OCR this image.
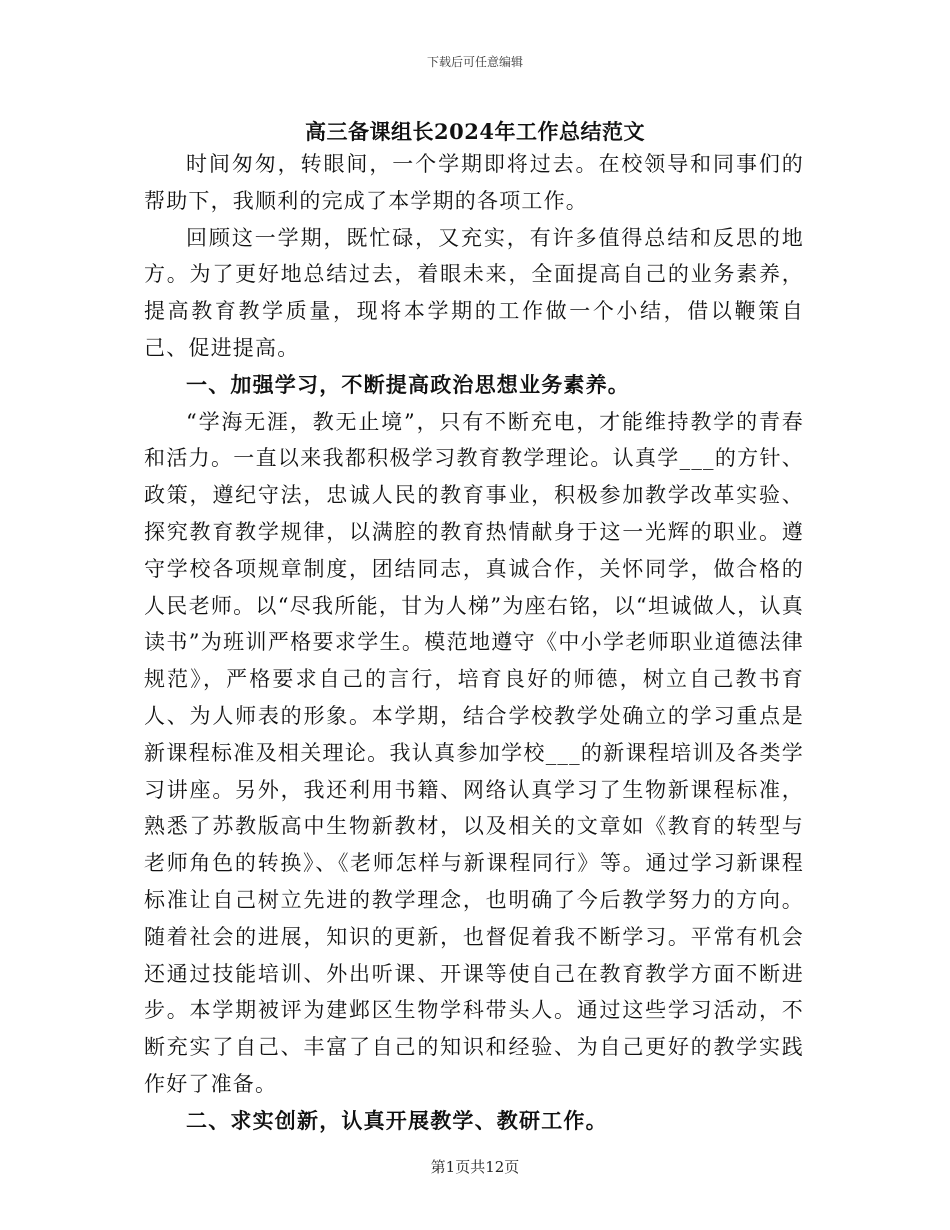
下载后可任意编辑
高三备课组长2024年工作总结范文

时间匆匆，转眼间，一个学期即将过去。在校领导和同事们的帮助下，我顺利的完成了本学期的各项工作。

回顾这一学期，既忙碌，又充实，有许多值得总结和反思的地方。为了更好地总结过去，着眼未来，全面提高自己的业务素养，提高教育教学质量，现将本学期的工作做一个小结，借以鞭策自己、促进提高。

一、加强学习，不断提高政治思想业务素养。

“学海无涯，教无止境”，只有不断充电，才能维持教学的青春和活力。一直以来我都积极学习教育教学理论。认真学___的方针、政策，遵纪守法，忠诚人民的教育事业，积极参加教学改革实验、探究教育教学规律，以满腔的教育热情献身于这一光辉的职业。遵守学校各项规章制度，团结同志，真诚合作，关怀同学，做合格的人民老师。以“尽我所能，甘为人梯”为座右铭，以“坦诚做人，认真读书”为班训严格要求学生。模范地遵守《中小学老师职业道德法律规范》，严格要求自己的言行，培育良好的师德，树立自己教书育人、为人师表的形象。本学期，结合学校教学处确立的学习重点是新课程标准及相关理论。我认真参加学校___的新课程培训及各类学习讲座。另外，我还利用书籍、网络认真学习了生物新课程标准，熟悉了苏教版高中生物新教材，以及相关的文章如《教育的转型与老师角色的转换》、《老师怎样与新课程同行》等。通过学习新课程标准让自己树立先进的教学理念，也明确了今后教学努力的方向。随着社会的进展，知识的更新，也督促着我不断学习。平常有机会还通过技能培训、外出听课、开课等使自己在教育教学方面不断进步。本学期被评为建邺区生物学科带头人。通过这些学习活动，不断充实了自己、丰富了自己的知识和经验、为自己更好的教学实践作好了准备。

二、求实创新，认真开展教学、教研工作。

第1页共12页
